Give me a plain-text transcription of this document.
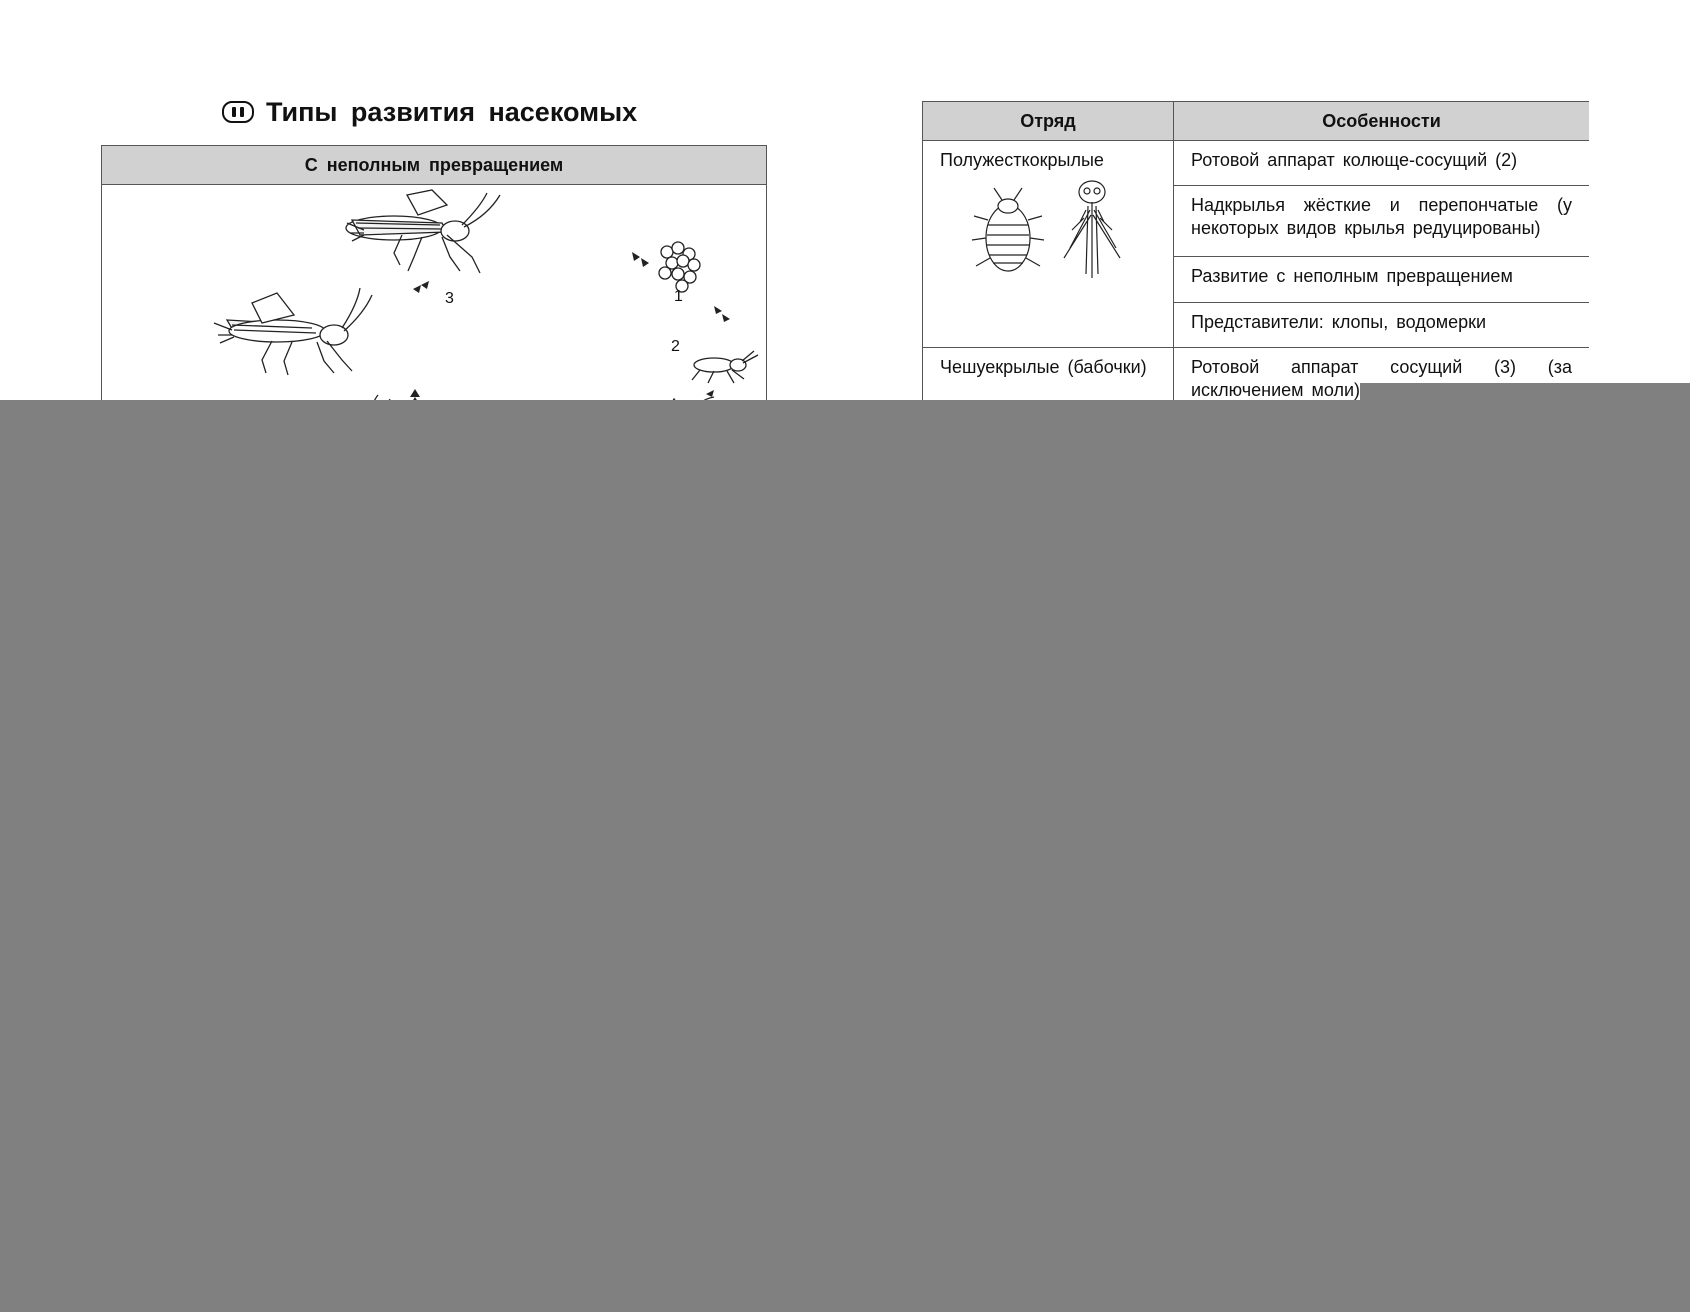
Типы развития насекомых
С неполным превращением
1
2
3
Отряд	Особенности

Полужесткокрылые	Ротовой аппарат колюще-сосущий (2)
	Надкрылья жёсткие и перепончатые (у некоторых видов крылья редуцированы)
	Развитие с неполным превращением
	Представители: клопы, водомерки

Чешуекрылые (бабочки)	Ротовой аппарат сосущий (3) (за исключением моли)
